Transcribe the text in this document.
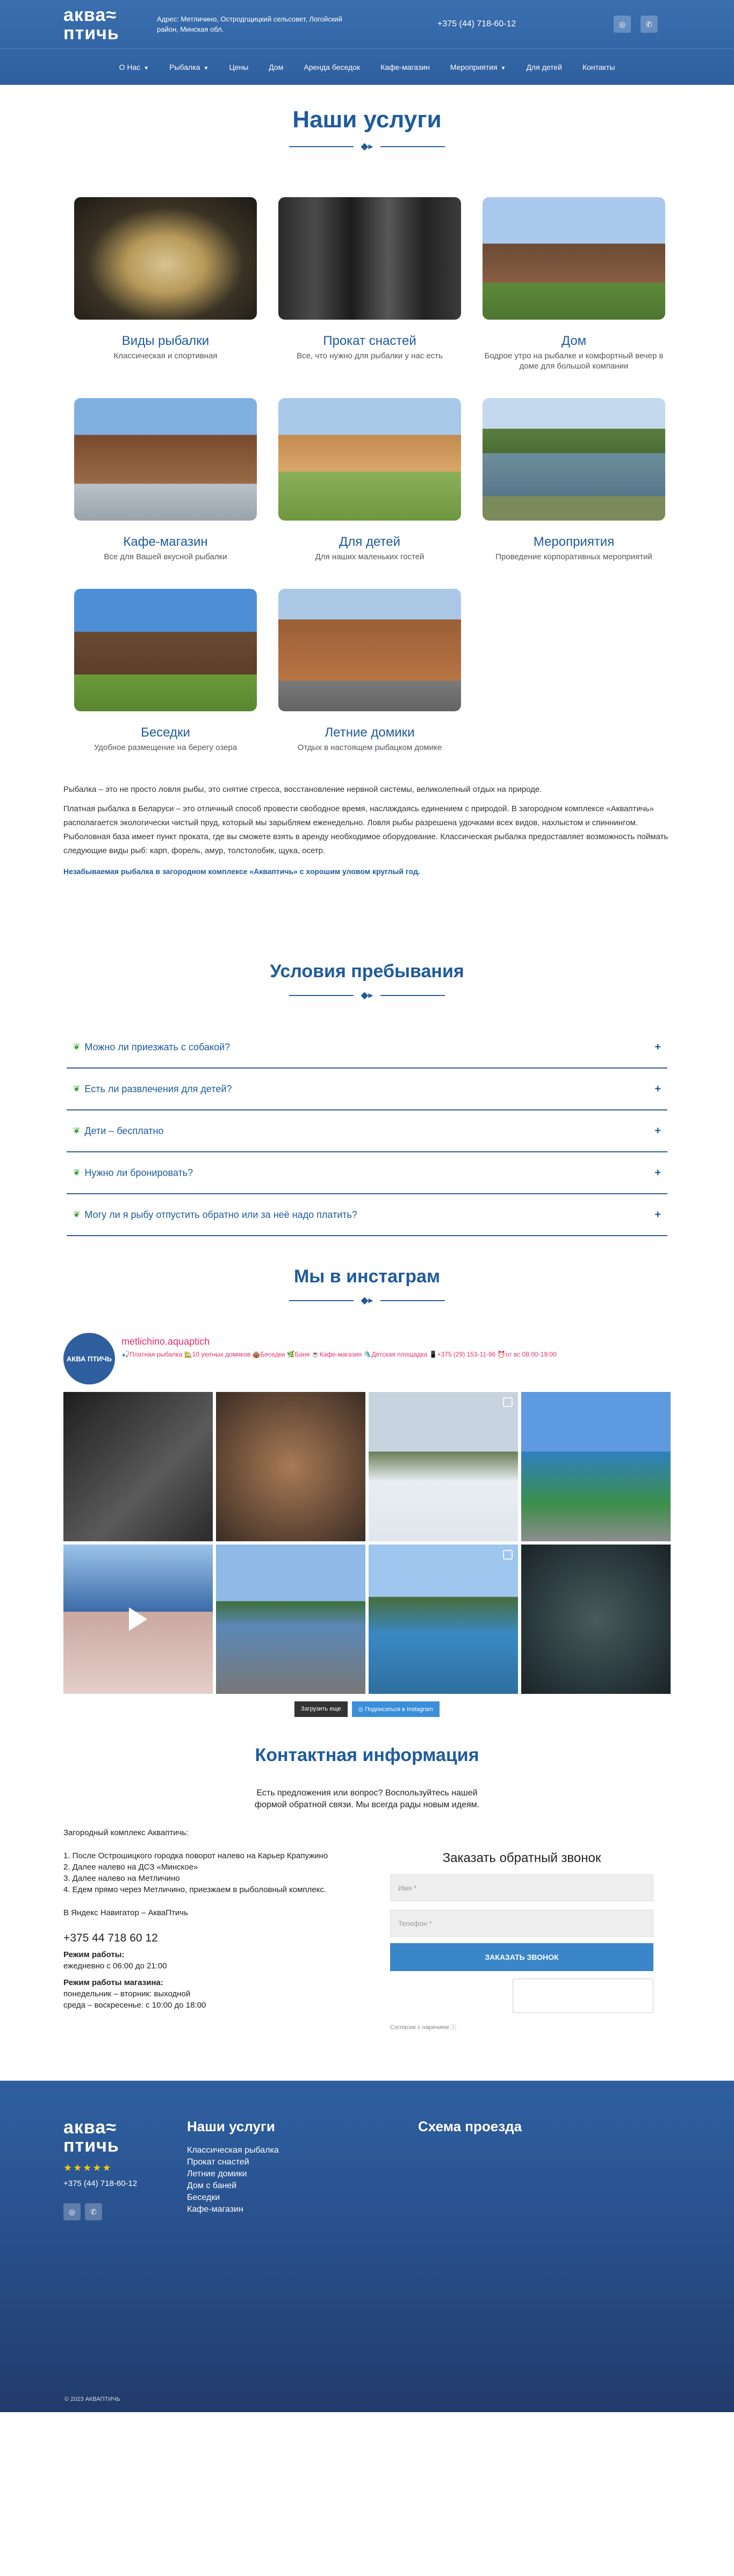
аква≈
птичь
Адрес: Метличино, Остродгщицкий сельсовет, Логойский район, Минская обл.
+375 (44) 718-60-12	◎	✆
О Нас ▼	Рыбалка ▼	Цены	Дом	Аренда беседок	Кафе-магазин	Мероприятия ▼	Для детей	Контакты
Наши услуги
◆▸
Виды рыбалки
Классическая и спортивная
Прокат снастей
Все, что нужно для рыбалки у нас есть
Дом
Бодрое утро на рыбалке и комфортный вечер в доме для большой компании
Кафе-магазин
Все для Вашей вкусной рыбалки
Для детей
Для наших маленьких гостей
Мероприятия
Проведение корпоративных мероприятий
Беседки
Удобное размещение на берегу озера
Летние домики
Отдых в настоящем рыбацком домике

Рыбалка – это не просто ловля рыбы, это снятие стресса, восстановление нервной системы, великолепный отдых на природе.

Платная рыбалка в Беларуси – это отличный способ провести свободное время, наслаждаясь единением с природой. В загородном комплексе «Акваптичь» располагается экологически чистый пруд, который мы зарыбляем еженедельно. Ловля рыбы разрешена удочками всех видов, нахлыстом и спиннингом. Рыболовная база имеет пункт проката, где вы сможете взять в аренду необходимое оборудование. Классическая рыбалка предоставляет возможность поймать следующие виды рыб: карп, форель, амур, толстолобик, щука, осетр.

Незабываемая рыбалка в загородном комплексе «Акваптичь» с хорошим уловом круглый год.

Условия пребывания
◆▸
❦ Можно ли приезжать с собакой?	+
❦ Есть ли развлечения для детей?	+
❦ Дети – бесплатно	+
❦ Нужно ли бронировать?	+
❦ Могу ли я рыбу отпустить обратно или за неё надо платить?	+
Мы в инстаграм
◆▸
АКВА ПТИЧЬ
metlichino.aquaptich
🎣Платная рыбалка 🏡10 уютных домиков 🛖Беседки 🌿Баня ☕Кафе-магазин 🛝Детская площадка 📱+375 (29) 153-11-96 ⏰от вс 08:00-19:00
Загрузить еще	◎ Подписаться в Instagram
Контактная информация
Есть предложения или вопрос? Воспользуйтесь нашей
формой обратной связи. Мы всегда рады новым идеям.
Загородный комплекс Акваптичь:
1. После Острошицкого городка поворот налево на Карьер Крапужино
2. Далее налево на ДСЗ «Минское»
3. Далее налево на Метличино
4. Едем прямо через Метличино, приезжаем в рыболовный комплекс.
В Яндекс Навигатор – АкваПтичь
+375 44 718 60 12
Режим работы:
ежедневно с 06:00 до 21:00
Режим работы магазина:
понедельник – вторник: выходной
среда – воскресенье: с 10:00 до 18:00
Заказать обратный звонок
Имя *
Телефон *
ЗАКАЗАТЬ ЗВОНОК
Согласие с наречием ⓘ
аква≈
птичь
★★★★★
+375 (44) 718-60-12
◎	✆
Наши услуги
Классическая рыбалка
Прокат снастей
Летние домики
Дом с баней
Беседки
Кафе-магазин
Схема проезда
© 2023 АКВАПТИЧЬ
